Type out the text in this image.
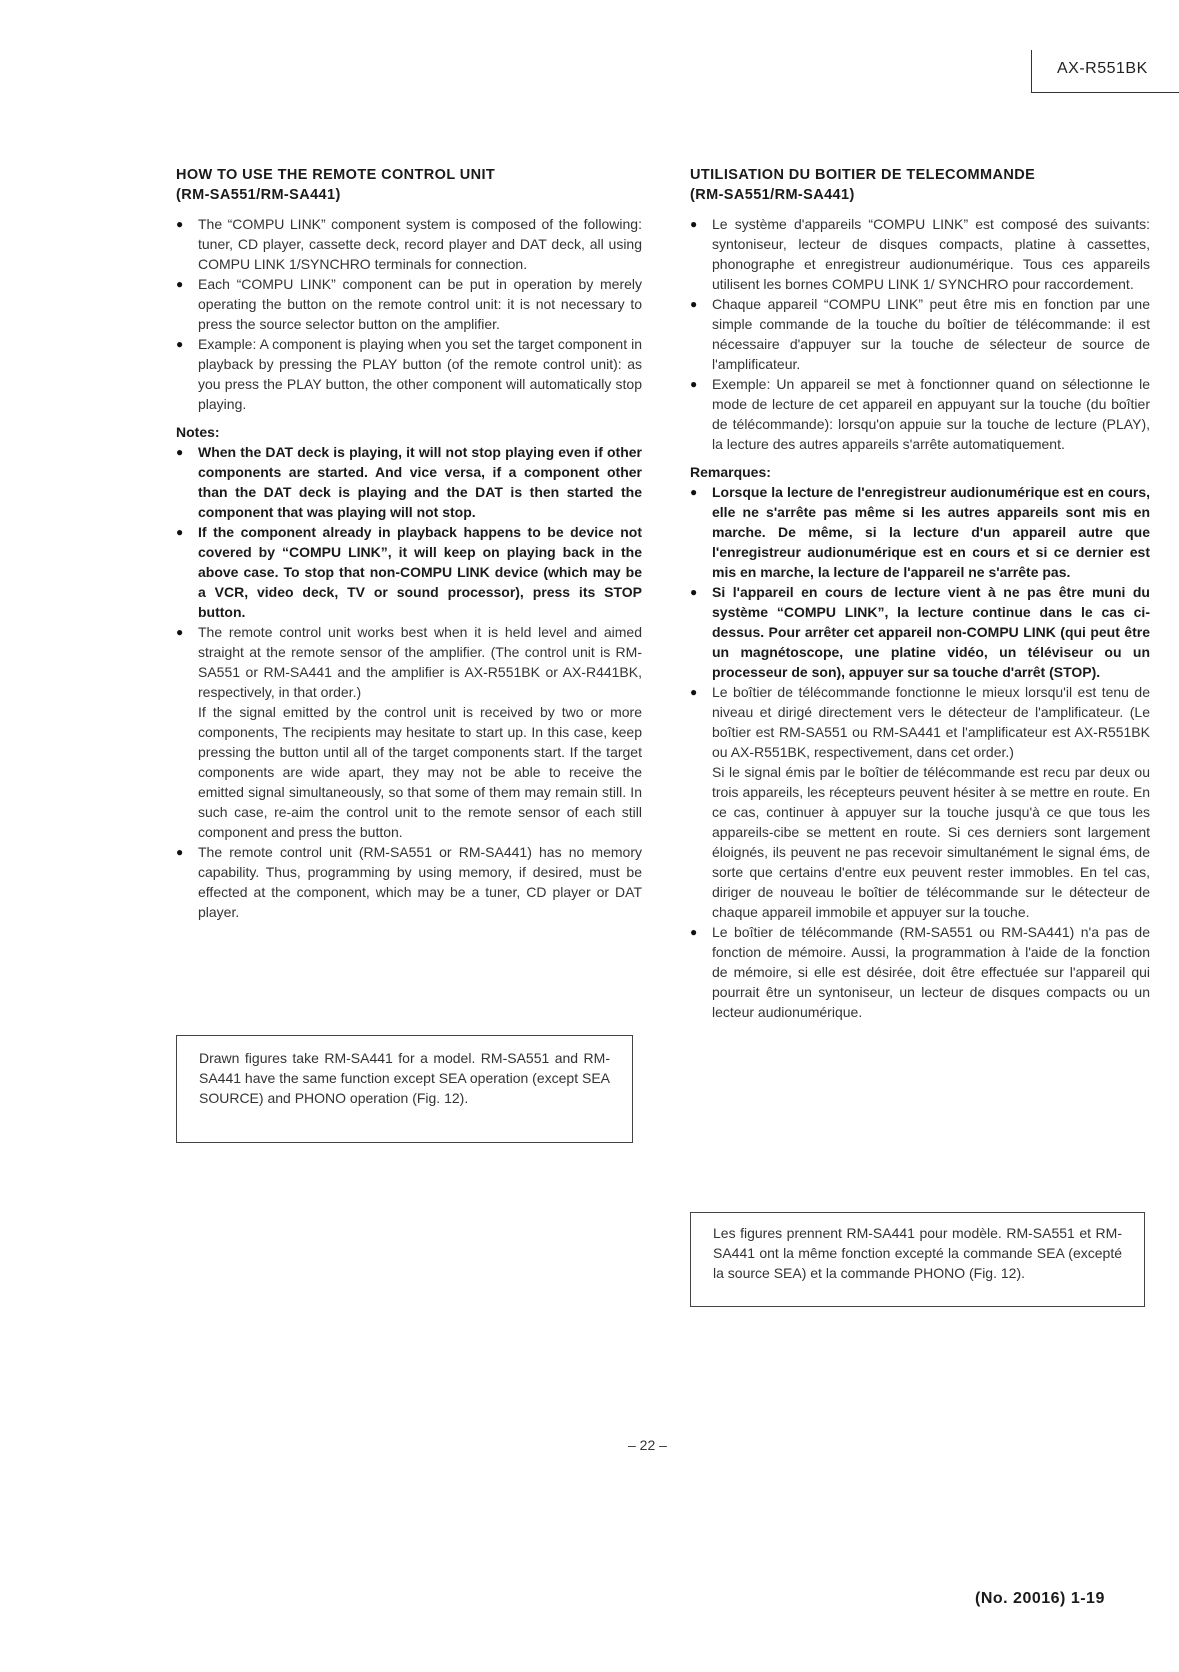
AX-R551BK
HOW TO USE THE REMOTE CONTROL UNIT
(RM-SA551/RM-SA441)
● The “COMPU LINK” component system is composed of the following: tuner, CD player, cassette deck, record player and DAT deck, all using COMPU LINK 1/SYNCHRO terminals for connection.
● Each “COMPU LINK” component can be put in operation by merely operating the button on the remote control unit: it is not necessary to press the source selector button on the amplifier.
● Example: A component is playing when you set the target component in playback by pressing the PLAY button (of the remote control unit): as you press the PLAY button, the other component will automatically stop playing.
Notes:
● When the DAT deck is playing, it will not stop playing even if other components are started. And vice versa, if a component other than the DAT deck is playing and the DAT is then started the component that was playing will not stop.
● If the component already in playback happens to be device not covered by “COMPU LINK”, it will keep on playing back in the above case. To stop that non-COMPU LINK device (which may be a VCR, video deck, TV or sound processor), press its STOP button.
● The remote control unit works best when it is held level and aimed straight at the remote sensor of the amplifier. (The control unit is RM-SA551 or RM-SA441 and the amplifier is AX-R551BK or AX-R441BK, respectively, in that order.)
If the signal emitted by the control unit is received by two or more components, The recipients may hesitate to start up. In this case, keep pressing the button until all of the target components start. If the target components are wide apart, they may not be able to receive the emitted signal simultaneously, so that some of them may remain still. In such case, re-aim the control unit to the remote sensor of each still component and press the button.
● The remote control unit (RM-SA551 or RM-SA441) has no memory capability. Thus, programming by using memory, if desired, must be effected at the component, which may be a tuner, CD player or DAT player.
Drawn figures take RM-SA441 for a model. RM-SA551 and RM-SA441 have the same function except SEA operation (except SEA SOURCE) and PHONO operation (Fig. 12).
UTILISATION DU BOITIER DE TELECOMMANDE
(RM-SA551/RM-SA441)
● Le système d'appareils “COMPU LINK” est composé des suivants: syntoniseur, lecteur de disques compacts, platine à cassettes, phonographe et enregistreur audionumérique. Tous ces appareils utilisent les bornes COMPU LINK 1/ SYNCHRO pour raccordement.
● Chaque appareil “COMPU LINK” peut être mis en fonction par une simple commande de la touche du boîtier de télécommande: il est nécessaire d'appuyer sur la touche de sélecteur de source de l'amplificateur.
● Exemple: Un appareil se met à fonctionner quand on sélectionne le mode de lecture de cet appareil en appuyant sur la touche (du boîtier de télécommande): lorsqu'on appuie sur la touche de lecture (PLAY), la lecture des autres appareils s'arrête automatiquement.
Remarques:
● Lorsque la lecture de l'enregistreur audionumérique est en cours, elle ne s'arrête pas même si les autres appareils sont mis en marche. De même, si la lecture d'un appareil autre que l'enregistreur audionumérique est en cours et si ce dernier est mis en marche, la lecture de l'appareil ne s'arrête pas.
● Si l'appareil en cours de lecture vient à ne pas être muni du système “COMPU LINK”, la lecture continue dans le cas ci-dessus. Pour arrêter cet appareil non-COMPU LINK (qui peut être un magnétoscope, une platine vidéo, un téléviseur ou un processeur de son), appuyer sur sa touche d'arrêt (STOP).
● Le boîtier de télécommande fonctionne le mieux lorsqu'il est tenu de niveau et dirigé directement vers le détecteur de l'amplificateur. (Le boîtier est RM-SA551 ou RM-SA441 et l'amplificateur est AX-R551BK ou AX-R551BK, respectivement, dans cet order.)
Si le signal émis par le boîtier de télécommande est recu par deux ou trois appareils, les récepteurs peuvent hésiter à se mettre en route. En ce cas, continuer à appuyer sur la touche jusqu'à ce que tous les appareils-cibe se mettent en route. Si ces derniers sont largement éloignés, ils peuvent ne pas recevoir simultanément le signal éms, de sorte que certains d'entre eux peuvent rester immobles. En tel cas, diriger de nouveau le boîtier de télécommande sur le détecteur de chaque appareil immobile et appuyer sur la touche.
● Le boîtier de télécommande (RM-SA551 ou RM-SA441) n'a pas de fonction de mémoire. Aussi, la programmation à l'aide de la fonction de mémoire, si elle est désirée, doit être effectuée sur l'appareil qui pourrait être un syntoniseur, un lecteur de disques compacts ou un lecteur audionumérique.
Les figures prennent RM-SA441 pour modèle. RM-SA551 et RM-SA441 ont la même fonction excepté la commande SEA (excepté la source SEA) et la commande PHONO (Fig. 12).
– 22 –
(No. 20016) 1-19
